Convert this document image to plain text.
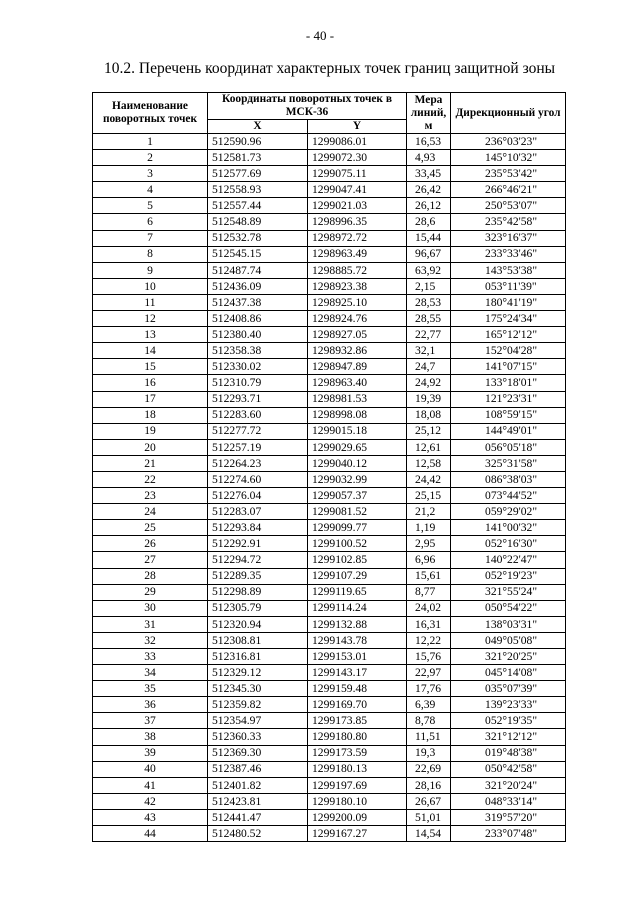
- 40 -
10.2. Перечень координат характерных точек границ защитной зоны
Наименование поворотных точек	Координаты поворотных точек в МСК-36		Мера линий, м	Дирекционный угол
	X	Y		
1	512590.96	1299086.01	16,53	236°03'23"
2	512581.73	1299072.30	4,93	145°10'32"
3	512577.69	1299075.11	33,45	235°53'42"
4	512558.93	1299047.41	26,42	266°46'21"
5	512557.44	1299021.03	26,12	250°53'07"
6	512548.89	1298996.35	28,6	235°42'58"
7	512532.78	1298972.72	15,44	323°16'37"
8	512545.15	1298963.49	96,67	233°33'46"
9	512487.74	1298885.72	63,92	143°53'38"
10	512436.09	1298923.38	2,15	053°11'39"
11	512437.38	1298925.10	28,53	180°41'19"
12	512408.86	1298924.76	28,55	175°24'34"
13	512380.40	1298927.05	22,77	165°12'12"
14	512358.38	1298932.86	32,1	152°04'28"
15	512330.02	1298947.89	24,7	141°07'15"
16	512310.79	1298963.40	24,92	133°18'01"
17	512293.71	1298981.53	19,39	121°23'31"
18	512283.60	1298998.08	18,08	108°59'15"
19	512277.72	1299015.18	25,12	144°49'01"
20	512257.19	1299029.65	12,61	056°05'18"
21	512264.23	1299040.12	12,58	325°31'58"
22	512274.60	1299032.99	24,42	086°38'03"
23	512276.04	1299057.37	25,15	073°44'52"
24	512283.07	1299081.52	21,2	059°29'02"
25	512293.84	1299099.77	1,19	141°00'32"
26	512292.91	1299100.52	2,95	052°16'30"
27	512294.72	1299102.85	6,96	140°22'47"
28	512289.35	1299107.29	15,61	052°19'23"
29	512298.89	1299119.65	8,77	321°55'24"
30	512305.79	1299114.24	24,02	050°54'22"
31	512320.94	1299132.88	16,31	138°03'31"
32	512308.81	1299143.78	12,22	049°05'08"
33	512316.81	1299153.01	15,76	321°20'25"
34	512329.12	1299143.17	22,97	045°14'08"
35	512345.30	1299159.48	17,76	035°07'39"
36	512359.82	1299169.70	6,39	139°23'33"
37	512354.97	1299173.85	8,78	052°19'35"
38	512360.33	1299180.80	11,51	321°12'12"
39	512369.30	1299173.59	19,3	019°48'38"
40	512387.46	1299180.13	22,69	050°42'58"
41	512401.82	1299197.69	28,16	321°20'24"
42	512423.81	1299180.10	26,67	048°33'14"
43	512441.47	1299200.09	51,01	319°57'20"
44	512480.52	1299167.27	14,54	233°07'48"
